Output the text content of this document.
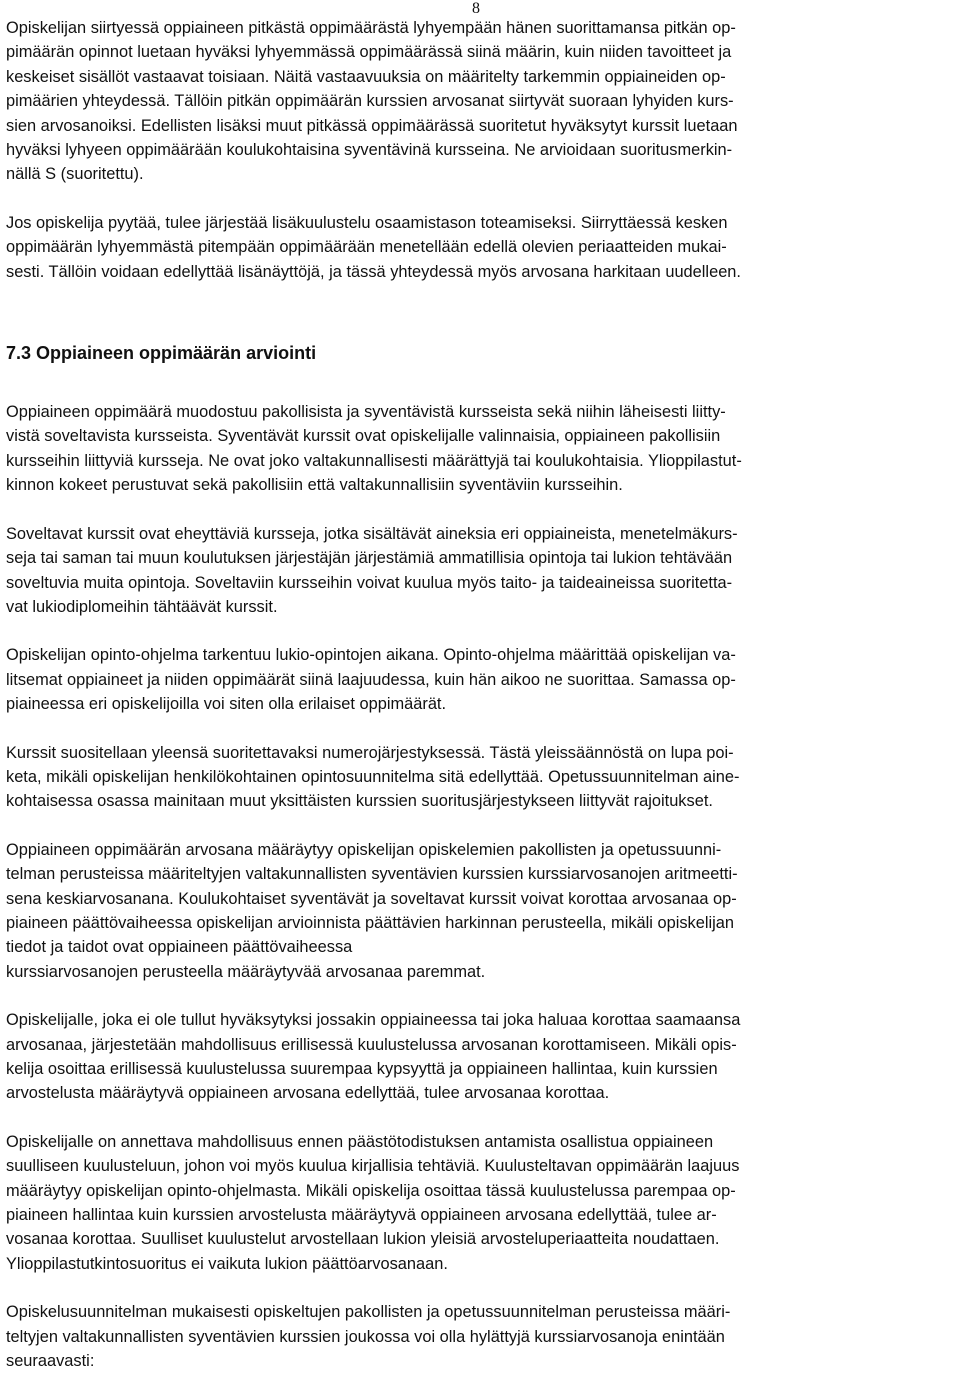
8

Opiskelijan siirtyessä oppiaineen pitkästä oppimäärästä lyhyempään hänen suorittamansa pitkän op-
pimäärän opinnot luetaan hyväksi lyhyemmässä oppimäärässä siinä määrin, kuin niiden tavoitteet ja
keskeiset sisällöt vastaavat toisiaan. Näitä vastaavuuksia on määritelty tarkemmin oppiaineiden op-
pimäärien yhteydessä. Tällöin pitkän oppimäärän kurssien arvosanat siirtyvät suoraan lyhyiden kurs-
sien arvosanoiksi. Edellisten lisäksi muut pitkässä oppimäärässä suoritetut hyväksytyt kurssit luetaan
hyväksi lyhyeen oppimäärään koulukohtaisina syventävinä kursseina. Ne arvioidaan suoritusmerkin-
nällä S (suoritettu).

Jos opiskelija pyytää, tulee järjestää lisäkuulustelu osaamistason toteamiseksi. Siirryttäessä kesken
oppimäärän lyhyemmästä pitempään oppimäärään menetellään edellä olevien periaatteiden mukai-
sesti. Tällöin voidaan edellyttää lisänäyttöjä, ja tässä yhteydessä myös arvosana harkitaan uudelleen.

7.3 Oppiaineen oppimäärän arviointi

Oppiaineen oppimäärä muodostuu pakollisista ja syventävistä kursseista sekä niihin läheisesti liitty-
vistä soveltavista kursseista. Syventävät kurssit ovat opiskelijalle valinnaisia, oppiaineen pakollisiin
kursseihin liittyviä kursseja. Ne ovat joko valtakunnallisesti määrättyjä tai koulukohtaisia. Ylioppilastut-
kinnon kokeet perustuvat sekä pakollisiin että valtakunnallisiin syventäviin kursseihin.

Soveltavat kurssit ovat eheyttäviä kursseja, jotka sisältävät aineksia eri oppiaineista, menetelmäkurs-
seja tai saman tai muun koulutuksen järjestäjän järjestämiä ammatillisia opintoja tai lukion tehtävään
soveltuvia muita opintoja. Soveltaviin kursseihin voivat kuulua myös taito- ja taideaineissa suoritetta-
vat lukiodiplomeihin tähtäävät kurssit.

Opiskelijan opinto-ohjelma tarkentuu lukio-opintojen aikana. Opinto-ohjelma määrittää opiskelijan va-
litsemat oppiaineet ja niiden oppimäärät siinä laajuudessa, kuin hän aikoo ne suorittaa. Samassa op-
piaineessa eri opiskelijoilla voi siten olla erilaiset oppimäärät.

Kurssit suositellaan yleensä suoritettavaksi numerojärjestyksessä. Tästä yleissäännöstä on lupa poi-
keta, mikäli opiskelijan henkilökohtainen opintosuunnitelma sitä edellyttää. Opetussuunnitelman aine-
kohtaisessa osassa mainitaan muut yksittäisten kurssien suoritusjärjestykseen liittyvät rajoitukset.

Oppiaineen oppimäärän arvosana määräytyy opiskelijan opiskelemien pakollisten ja opetussuunni-
telman perusteissa määriteltyjen valtakunnallisten syventävien kurssien kurssiarvosanojen aritmeetti-
sena keskiarvosanana. Koulukohtaiset syventävät ja soveltavat kurssit voivat korottaa arvosanaa op-
piaineen päättövaiheessa opiskelijan arvioinnista päättävien harkinnan perusteella, mikäli opiskelijan
tiedot ja taidot ovat oppiaineen päättövaiheessa
kurssiarvosanojen perusteella määräytyvää arvosanaa paremmat.

Opiskelijalle, joka ei ole tullut hyväksytyksi jossakin oppiaineessa tai joka haluaa korottaa saamaansa
arvosanaa, järjestetään mahdollisuus erillisessä kuulustelussa arvosanan korottamiseen. Mikäli opis-
kelija osoittaa erillisessä kuulustelussa suurempaa kypsyyttä ja oppiaineen hallintaa, kuin kurssien
arvostelusta määräytyvä oppiaineen arvosana edellyttää, tulee arvosanaa korottaa.

Opiskelijalle on annettava mahdollisuus ennen päästötodistuksen antamista osallistua oppiaineen
suulliseen kuulusteluun, johon voi myös kuulua kirjallisia tehtäviä. Kuulusteltavan oppimäärän laajuus
määräytyy opiskelijan opinto-ohjelmasta. Mikäli opiskelija osoittaa tässä kuulustelussa parempaa op-
piaineen hallintaa kuin kurssien arvostelusta määräytyvä oppiaineen arvosana edellyttää, tulee ar-
vosanaa korottaa. Suulliset kuulustelut arvostellaan lukion yleisiä arvosteluperiaatteita noudattaen.
Ylioppilastutkintosuoritus ei vaikuta lukion päättöarvosanaan.

Opiskelusuunnitelman mukaisesti opiskeltujen pakollisten ja opetussuunnitelman perusteissa määri-
teltyjen valtakunnallisten syventävien kurssien joukossa voi olla hylättyjä kurssiarvosanoja enintään
seuraavasti:
